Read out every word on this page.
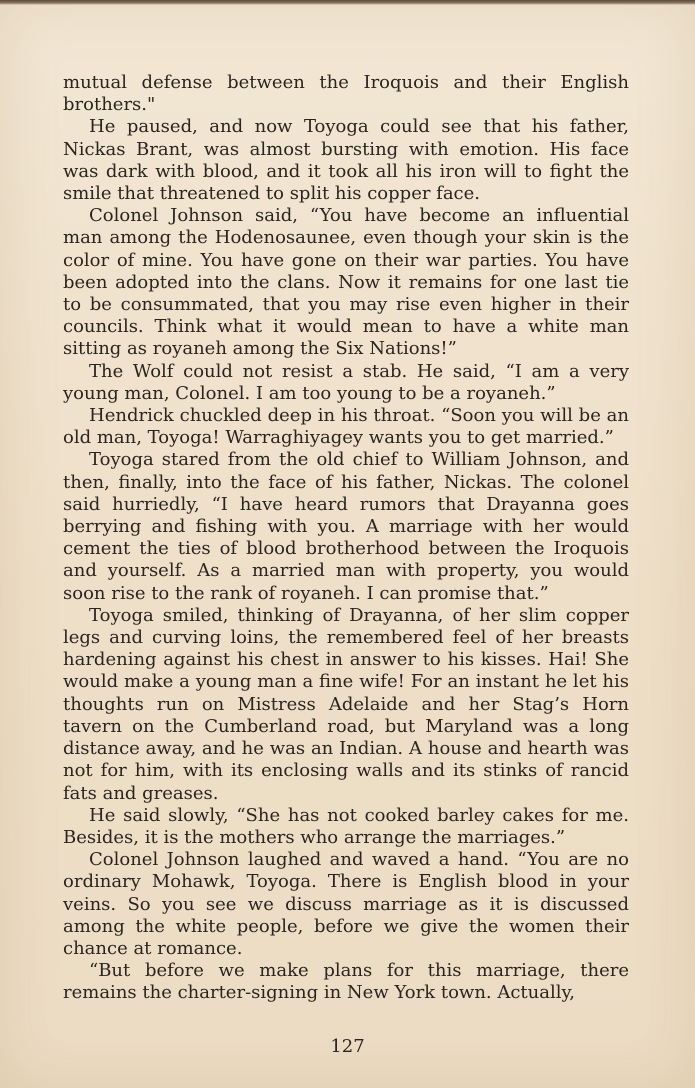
mutual defense between the Iroquois and their English brothers."

He paused, and now Toyoga could see that his father, Nickas Brant, was almost bursting with emotion. His face was dark with blood, and it took all his iron will to fight the smile that threatened to split his copper face.

Colonel Johnson said, “You have become an influential man among the Hodenosaunee, even though your skin is the color of mine. You have gone on their war parties. You have been adopted into the clans. Now it remains for one last tie to be consummated, that you may rise even higher in their councils. Think what it would mean to have a white man sitting as royaneh among the Six Nations!”

The Wolf could not resist a stab. He said, “I am a very young man, Colonel. I am too young to be a royaneh.”

Hendrick chuckled deep in his throat. “Soon you will be an old man, Toyoga! Warraghiyagey wants you to get married.”

Toyoga stared from the old chief to William Johnson, and then, finally, into the face of his father, Nickas. The colonel said hurriedly, “I have heard rumors that Drayanna goes berrying and fishing with you. A marriage with her would cement the ties of blood brotherhood between the Iroquois and yourself. As a married man with property, you would soon rise to the rank of royaneh. I can promise that.”

Toyoga smiled, thinking of Drayanna, of her slim copper legs and curving loins, the remembered feel of her breasts hardening against his chest in answer to his kisses. Hai! She would make a young man a fine wife! For an instant he let his thoughts run on Mistress Adelaide and her Stag’s Horn tavern on the Cumberland road, but Maryland was a long distance away, and he was an Indian. A house and hearth was not for him, with its enclosing walls and its stinks of rancid fats and greases.

He said slowly, “She has not cooked barley cakes for me. Besides, it is the mothers who arrange the marriages.”

Colonel Johnson laughed and waved a hand. “You are no ordinary Mohawk, Toyoga. There is English blood in your veins. So you see we discuss marriage as it is discussed among the white people, before we give the women their chance at romance.

“But before we make plans for this marriage, there remains the charter-signing in New York town. Actually,

127
